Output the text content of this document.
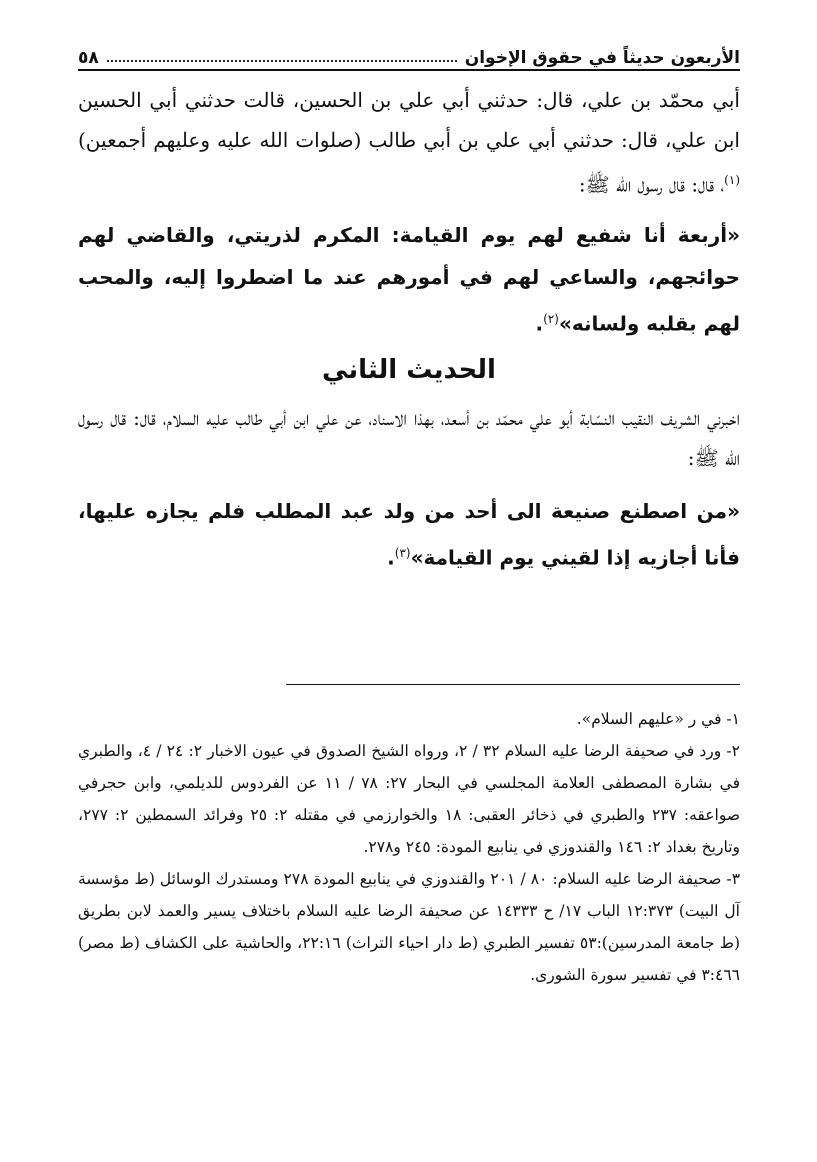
الأربعون حديثاً في حقوق الإخوان
٥٨

أبي محمّد بن علي، قال: حدثني أبي علي بن الحسين، قالت حدثني أبي الحسين ابن علي، قال: حدثني أبي علي بن أبي طالب (صلوات الله عليه وعليهم أجمعين)$^{(١)}$، قال: قال رسول الله ﷺ:

«أربعة أنا شفيع لهم يوم القيامة: المكرم لذريتي، والقاضي لهم حوائجهم، والساعي لهم في أمورهم عند ما اضطروا إليه، والمحب لهم بقلبه ولسانه»$^{(٢)}$.

الحديث الثاني

اخبرني الشريف النقيب النسّابة أبو علي محمّد بن أسعد، بهذا الاسناد، عن علي ابن أبي طالب عليه السلام، قال: قال رسول الله ﷺ:

«من اصطنع صنيعة الى أحد من ولد عبد المطلب فلم يجازه عليها، فأنا أجازيه إذا لقيني يوم القيامة»$^{(٣)}$.

١- في ر «عليهم السلام».

٢- ورد في صحيفة الرضا عليه السلام ٣٢ / ٢، ورواه الشيخ الصدوق في عيون الاخبار ٢: ٢٤ / ٤، والطبري في بشارة المصطفى العلامة المجلسي في البحار ٢٧: ٧٨ / ١١ عن الفردوس للديلمي، وابن حجرفي صواعقه: ٢٣٧ والطبري في ذخائر العقبى: ١٨ والخوارزمي في مقتله ٢: ٢٥ وفرائد السمطين ٢: ٢٧٧، وتاريخ بغداد ٢: ١٤٦ والقندوزي في ينابيع المودة: ٢٤٥ و٢٧٨.

٣- صحيفة الرضا عليه السلام: ٨٠ / ٢٠١ والقندوزي في ينابيع المودة ٢٧٨ ومستدرك الوسائل (ط مؤسسة آل البيت) ١٢:٣٧٣ الباب ١٧/ ح ١٤٣٣٣ عن صحيفة الرضا عليه السلام باختلاف يسير والعمد لابن بطريق (ط جامعة المدرسين):٥٣ تفسير الطبري (ط دار احياء التراث) ٢٢:١٦، والحاشية على الكشاف (ط مصر) ٣:٤٦٦ في تفسير سورة الشورى.
